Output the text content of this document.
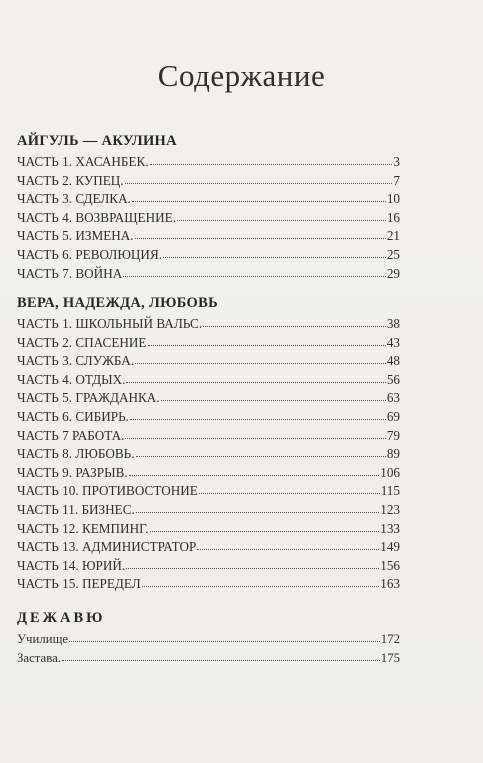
Содержание
АЙГУЛЬ — АКУЛИНА
ЧАСТЬ 1. ХАСАНБЕК.	3
ЧАСТЬ 2. КУПЕЦ.	7
ЧАСТЬ 3. СДЕЛКА.	10
ЧАСТЬ 4. ВОЗВРАЩЕНИЕ.	16
ЧАСТЬ 5. ИЗМЕНА.	21
ЧАСТЬ 6. РЕВОЛЮЦИЯ.	25
ЧАСТЬ 7. ВОЙНА	29
ВЕРА, НАДЕЖДА, ЛЮБОВЬ
ЧАСТЬ 1. ШКОЛЬНЫЙ ВАЛЬС.	38
ЧАСТЬ 2. СПАСЕНИЕ	43
ЧАСТЬ 3. СЛУЖБА.	48
ЧАСТЬ 4. ОТДЫХ.	56
ЧАСТЬ 5. ГРАЖДАНКА.	63
ЧАСТЬ 6. СИБИРЬ.	69
ЧАСТЬ 7 РАБОТА.	79
ЧАСТЬ 8. ЛЮБОВЬ.	89
ЧАСТЬ 9. РАЗРЫВ.	106
ЧАСТЬ 10. ПРОТИВОСТОНИЕ	115
ЧАСТЬ 11. БИЗНЕС.	123
ЧАСТЬ 12. КЕМПИНГ.	133
ЧАСТЬ 13. АДМИНИСТРАТОР	149
ЧАСТЬ 14. ЮРИЙ.	156
ЧАСТЬ 15. ПЕРЕДЕЛ	163
ДЕЖАВЮ
Училище	172
Застава.	175
